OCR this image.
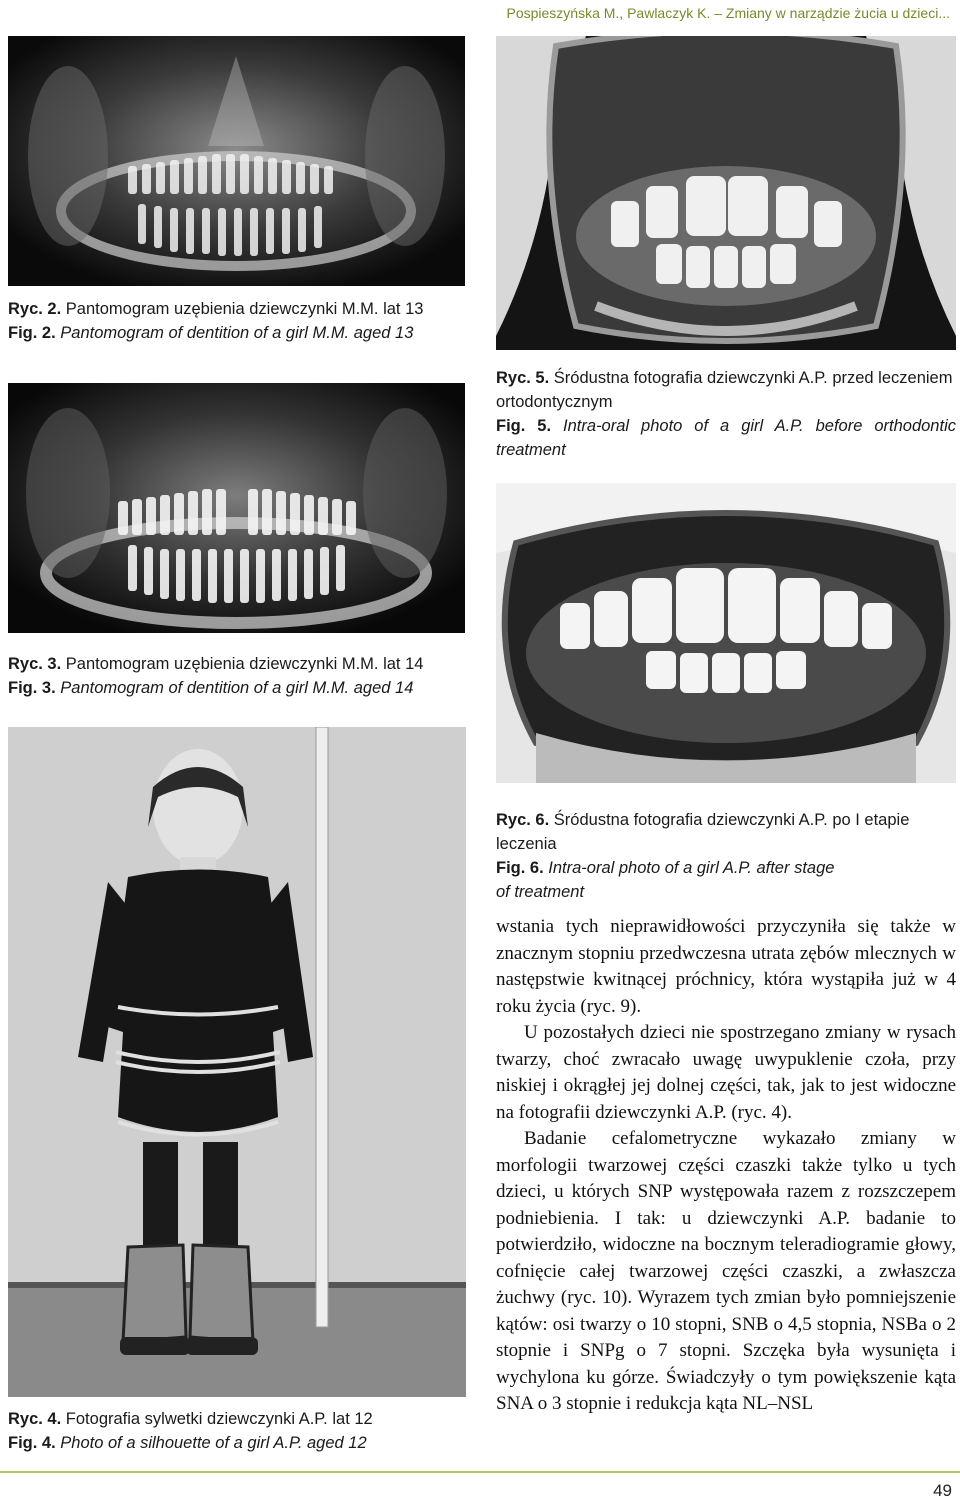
Pospieszyńska M., Pawlaczyk K. – Zmiany w narządzie żucia u dzieci...

Ryc. 2. Pantomogram uzębienia dziewczynki M.M. lat 13

Fig. 2. Pantomogram of dentition of a girl M.M. aged 13

Ryc. 5. Śródustna fotografia dziewczynki A.P. przed leczeniem ortodontycznym

Fig. 5. Intra-oral photo of a girl A.P. before orthodontic treatment

Ryc. 3. Pantomogram uzębienia dziewczynki M.M. lat 14

Fig. 3. Pantomogram of dentition of a girl M.M. aged 14

Ryc. 6. Śródustna fotografia dziewczynki A.P. po I etapie leczenia

Fig. 6. Intra-oral photo of a girl A.P. after stage of treatment

wstania tych nieprawidłowości przyczyniła się także w znacznym stopniu przedwczesna utrata zębów mlecznych w następstwie kwitnącej próchnicy, która wystąpiła już w 4 roku życia (ryc. 9).

U pozostałych dzieci nie spostrzegano zmiany w rysach twarzy, choć zwracało uwagę uwypuklenie czoła, przy niskiej i okrągłej jej dolnej części, tak, jak to jest widoczne na fotografii dziewczynki A.P. (ryc. 4).

Badanie cefalometryczne wykazało zmiany w morfologii twarzowej części czaszki także tylko u tych dzieci, u których SNP występowała razem z rozszczepem podniebienia. I tak: u dziewczynki A.P. badanie to potwierdziło, widoczne na bocznym teleradiogramie głowy, cofnięcie całej twarzowej części czaszki, a zwłaszcza żuchwy (ryc. 10). Wyrazem tych zmian było pomniejszenie kątów: osi twarzy o 10 stopni, SNB o 4,5 stopnia, NSBa o 2 stopnie i SNPg o 7 stopni. Szczęka była wysunięta i wychylona ku górze. Świadczyły o tym powiększenie kąta SNA o 3 stopnie i redukcja kąta NL–NSL

Ryc. 4. Fotografia sylwetki dziewczynki A.P. lat 12

Fig. 4. Photo of a silhouette of a girl A.P. aged 12

49
